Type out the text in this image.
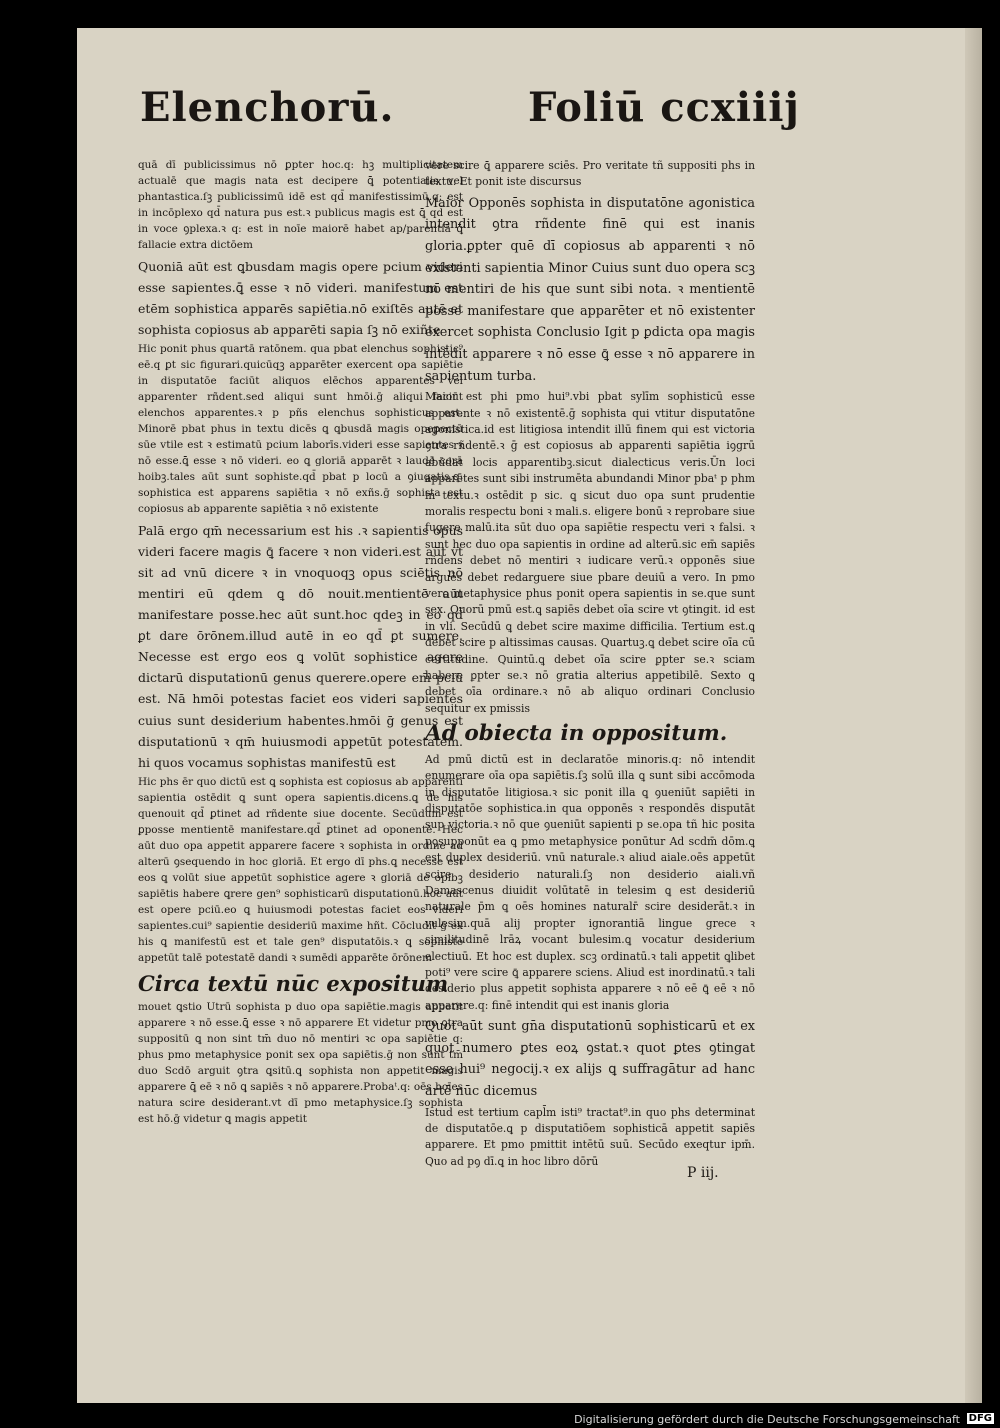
Elenchorū.	Foliū ccxiiij

quā dī publicissimus nō ꝑpter hoc.q: hꝫ multiplicitatem actualē que magis nata est decipere ꝗ̄ potentialis vel phantastica.ſꝫ publicissimū idē est qd̄ manifestissimū.q: est in incōplexo qd̄ natura pus est.ꝛ publicus magis est ꝗ̄ qd̄ est in voce ꝯplexa.ꝛ q: est in noīe maiorē habet ap/parentiā ꝗ̄ fallacie extra dictōem

Quoniā aūt est ꝗbusdam magis opere pcium videri esse sapientes.ꝗ̄ esse ꝛ nō videri. manifestum est etēm sophistica apparēs sapiētia.nō exiſtēs autē et sophista copiosus ab apparēti sapia ſꝫ nō exiñte

Hic ponit phus quartā ratōnem. qua pbat elenchus sophistic⁹ eē.q ꝑt sic figurari.quicūqꝫ apparēter exercent opa sapiētie in disputatōe faciūt aliquos elēchos apparentes vel apparenter rñdent.sed aliqui sunt hmōi.ḡ aliqui faciūt elenchos apparentes.ꝛ p pñs elenchus sophisticus est. Minorē pbat phus in textu dicēs ꝗ ꝗbusdā magis opeꝑectū sūe vtile est ꝛ estimatū pcium laborīs.videri esse sapientes ꝛ nō esse.ꝗ̄ esse ꝛ nō videri. eo ꝗ gloriā apparēt ꝛ laudē corā hoibꝫ.tales aūt sunt sophiste.qd̄ pbat p locū a ꝯiugatis.ꝗ: sophistica est apparens sapiētia ꝛ nō exñs.ḡ sophista est copiosus ab apparente sapiētia ꝛ nō existente

Palā ergo qm̄ necessarium est his .ꝛ sapientis opus videri facere magis ꝗ̄ facere ꝛ non videri.est aūt vt sit ad vnū dicere ꝛ in vnoquoqꝫ opus sciētis nō mentiri eū qdem ꝗ dō nouit.mentientē aūt manifestare posse.hec aūt sunt.hoc qdeꝫ in eo qd̄ ꝑt dare ōrōnem.illud autē in eo qd̄ ꝑt sumere. Necesse est ergo eos ꝗ volūt sophistice agere dictarū disputationū genus querere.opere em̄ pciū est. Nā hmōi potestas faciet eos videri sapientes cuius sunt desiderium habentes.hmōi ḡ genus est disputationū ꝛ qm̄ huiusmodi appetūt potestatem. hi quos vocamus sophistas manifestū est

Hic phs ēr quo dictū est ꝗ sophista est copiosus ab apparenti sapientia ostēdit ꝗ sunt opera sapientis.dicens.ꝗ de his quenouit qd̄ ꝑtinet ad rñdente siue docente. Secūdum est ꝑposse mentientē manifestare.qd̄ ꝑtinet ad oponentē. Hec aūt duo opa appetit apparere facere ꝛ sophista in ordine ad alterū ꝯsequendo in hoc gloriā. Et ergo dī phs.ꝗ necesse est eos ꝗ volūt siue appetūt sophistice agere ꝛ gloriā de opibꝫ sapiētis habere ꝗrere gen⁹ sophisticarū disputationū.hoc aūt est opere pciū.eo ꝗ huiusmodi potestas faciet eos videri sapientes.cui⁹ sapientie desideriū maxime hñt. Cōcludit ḡ ex his ꝗ manifestū est et tale gen⁹ disputatōis.ꝛ ꝗ sophiste appetūt talē potestatē dandi ꝛ sumēdi apparēte ōrōnem

Circa textū nūc expositum

mouet ꝗstio Utrū sophista p duo opa sapiētie.magis appetit apparere ꝛ nō esse.ꝗ̄ esse ꝛ nō apparere Et videtur pmo ꝯtra suppositū ꝗ non sint tm̄ duo nō mentiri ꝛc opa sapiētie q: phus pmo metaphysice ponit sex opa sapiētis.ḡ non sunt tm̄ duo Scdō arguit ꝯtra ꝗsitū.ꝗ sophista non appetit magis apparere ꝗ̄ eē ꝛ nō ꝗ sapiēs ꝛ nō apparere.Probaᵗ.q: oēs hoīes natura scire desiderant.vt dī pmo metaphysice.ſꝫ sophista est hō.ḡ videtur ꝗ magis appetit

vere scire ꝗ̄ apparere sciēs. Pro veritate tñ suppositi phs in textu. Et ponit iste discursus

Maior Opponēs sophista in disputatōne agonistica intendit ꝯtra rñdente finē qui est inanis gloria.ꝑpter quē dī copiosus ab apparenti ꝛ nō existenti sapientia Minor Cuius sunt duo opera scꝫ nō mentiri de his que sunt sibi nota. ꝛ mentientē posse manifestare que apparēter et nō existenter exercet sophista Conclusio Igit p ꝑdicta opa magis intēdit apparere ꝛ nō esse ꝗ̄ esse ꝛ nō apparere in sapientum turba.

Maior est phi pmo hui⁹.vbi pbat sylīm sophisticū esse apparente ꝛ nō existentē.ḡ sophista qui vtitur disputatōne agonistica.id est litigiosa intendit illū finem qui est victoria ꝯtra rñdentē.ꝛ ḡ est copiosus ab apparenti sapiētia iꝯgrū abūdat locis apparentibꝫ.sicut dialecticus veris.Ūn loci apparētes sunt sibi instrumēta abundandi Minor pbaᵗ p phm in textu.ꝛ ostēdit p sic. ꝗ sicut duo opa sunt prudentie moralis respectu boni ꝛ mali.s. eligere bonū ꝛ reprobare siue fugere malū.ita sūt duo opa sapiētie respectu veri ꝛ falsi. ꝛ sunt hec duo opa sapientis in ordine ad alterū.sic em̄ sapiēs rñdens debet nō mentiri ꝛ iudicare verū.ꝛ opponēs siue arguēs debet redarguere siue pbare deuiū a vero. In pmo vero metaphysice phus ponit opera sapientis in se.que sunt sex. Quorū pmū est.ꝗ sapiēs debet oīa scire vt ꝯtingit. id est in vli. Secūdū ꝗ debet scire maxime difficilia. Tertium est.ꝗ debet scire p altissimas causas. Quartuꝫ.ꝗ debet scire oīa cū certitudine. Quintū.ꝗ debet oīa scire ꝑpter se.ꝛ sciam habere ꝑpter se.ꝛ nō gratia alterius appetibilē. Sexto ꝗ debet oīa ordinare.ꝛ nō ab aliquo ordinari Conclusio sequitur ex pmissis

Ad obiecta in oppositum.

Ad pmū dictū est in declaratōe minoris.q: nō intendit enumerare oīa opa sapiētis.ſꝫ solū illa ꝗ sunt sibi accōmoda in disputatōe litigiosa.ꝛ sic ponit illa ꝗ ꝯueniūt sapiēti in disputatōe sophistica.in qua opponēs ꝛ respondēs disputāt sup victoria.ꝛ nō que ꝯueniūt sapienti p se.opa tñ hic posita pꝯsupponūt ea ꝗ pmo metaphysice ponūtur Ad scdm̄ dōm.ꝗ est duplex desideriū. vnū naturale.ꝛ aliud aiale.oēs appetūt scire desiderio naturali.ſꝫ non desiderio aiali.vñ Damascenus diuidit volūtatē in telesim ꝗ est desideriū naturale p̄m ꝗ oēs homines naturalr̄ scire desiderāt.ꝛ in vulesim.quā alij propter ignorantiā lingue grece ꝛ similitudinē lrāꝝ vocant bulesim.ꝗ vocatur desiderium electiuū. Et hoc est duplex. scꝫ ordinatū.ꝛ tali appetit ꝗlibet poti⁹ vere scire ꝗ̄ apparere sciens. Aliud est inordinatū.ꝛ tali desiderio plus appetit sophista apparere ꝛ nō eē ꝗ̄ eē ꝛ nō apparere.q: finē intendit qui est inanis gloria

Quot aūt sunt gn̄a disputationū sophisticarū et ex quot numero ꝑtes eoꝝ ꝯstat.ꝛ quot ꝑtes ꝯtingat esse hui⁹ negocij.ꝛ ex alijs ꝗ suffragātur ad hanc artē nūc dicemus

Istud est tertium capl̄m isti⁹ tractat⁹.in quo phs determinat de disputatōe.ꝗ p disputatiōem sophisticā appetit sapiēs apparere. Et pmo pmittit intētū suū. Secūdo exeqtur ipm̄. Quo ad pꝯ dī.ꝗ in hoc libro dōrū

P iij.
Digitalisierung gefördert durch die Deutsche Forschungsgemeinschaft DFG
